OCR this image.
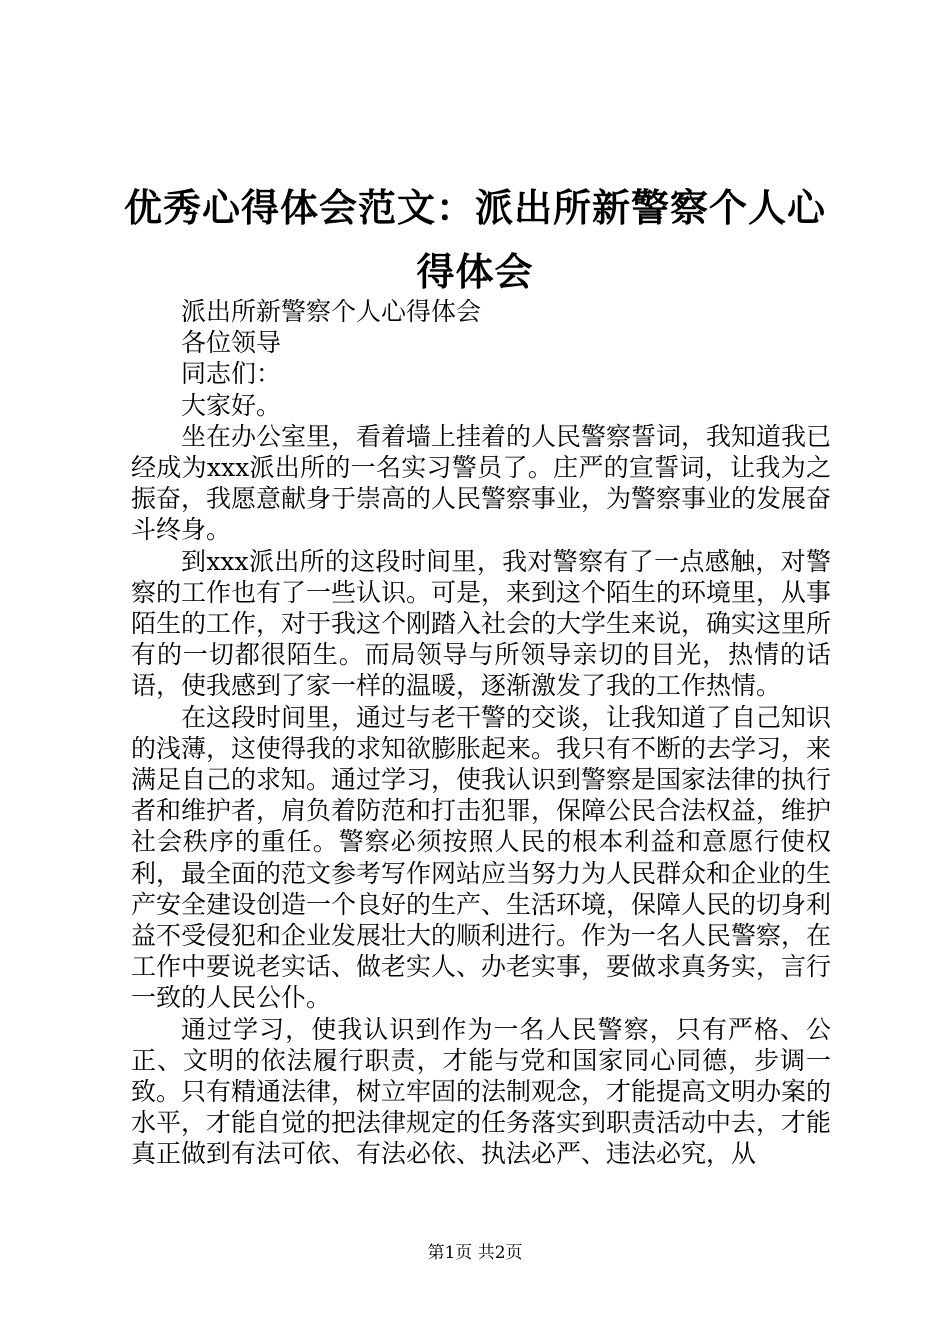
优秀心得体会范文：派出所新警察个人心得体会

派出所新警察个人心得体会

各位领导

同志们：

大家好。

坐在办公室里，看着墙上挂着的人民警察誓词，我知道我已经成为xxx派出所的一名实习警员了。庄严的宣誓词，让我为之振奋，我愿意献身于崇高的人民警察事业，为警察事业的发展奋斗终身。

到xxx派出所的这段时间里，我对警察有了一点感触，对警察的工作也有了一些认识。可是，来到这个陌生的环境里，从事陌生的工作，对于我这个刚踏入社会的大学生来说，确实这里所有的一切都很陌生。而局领导与所领导亲切的目光，热情的话语，使我感到了家一样的温暖，逐渐激发了我的工作热情。

在这段时间里，通过与老干警的交谈，让我知道了自己知识的浅薄，这使得我的求知欲膨胀起来。我只有不断的去学习，来满足自己的求知。通过学习，使我认识到警察是国家法律的执行者和维护者，肩负着防范和打击犯罪，保障公民合法权益，维护社会秩序的重任。警察必须按照人民的根本利益和意愿行使权利，最全面的范文参考写作网站应当努力为人民群众和企业的生产安全建设创造一个良好的生产、生活环境，保障人民的切身利益不受侵犯和企业发展壮大的顺利进行。作为一名人民警察，在工作中要说老实话、做老实人、办老实事，要做求真务实，言行一致的人民公仆。

通过学习，使我认识到作为一名人民警察，只有严格、公正、文明的依法履行职责，才能与党和国家同心同德，步调一致。只有精通法律，树立牢固的法制观念，才能提高文明办案的水平，才能自觉的把法律规定的任务落实到职责活动中去，才能真正做到有法可依、有法必依、执法必严、违法必究，从

第1页 共2页
